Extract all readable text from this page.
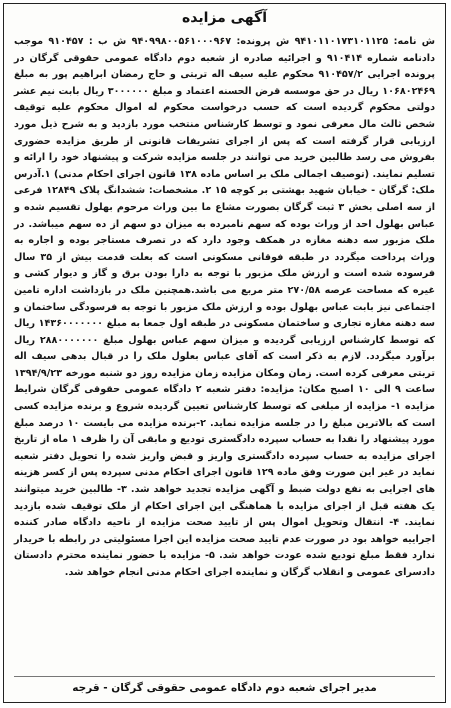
آگهی مزایده

ش نامه: ۹۴۱۰۱۱۰۱۷۳۱۰۱۱۲۵ ش پرونده: ۹۴۰۹۹۸۰۰۵۶۱۰۰۰۹۶۷ ش ب : ۹۱۰۴۵۷ موجب دادنامه شماره ۹۱۰۴۱۴ و اجرائیه صادره از شعبه دوم دادگاه عمومی حقوقی گرگان در پرونده اجرایی ۹۱۰۴۵۷/۲ محکوم علیه سیف اله تربتی و حاج رمضان ابراهیم پور به مبلغ ۱۰۶۸۰۲۴۶۹ ریال در حق موسسه قرض الحسنه اعتماد و مبلغ ۳۰۰۰۰۰۰ ریال بابت نیم عشر دولتی محکوم گردیده است که حسب درخواست محکوم له اموال محکوم علیه توقیف شخص ثالث مال معرفی نمود و توسط کارشناس منتخب مورد بازدید و به شرح ذیل مورد ارزیابی قرار گرفته است که پس از اجرای تشریفات قانونی از طریق مزایده حضوری بفروش می رسد طالبین خرید می توانند در جلسه مزایده شرکت و پیشنهاد خود را ارائه و تسلیم نمایند. (توصیف اجمالی ملک بر اساس ماده ۱۳۸ قانون اجرای احکام مدنی) ۱.آدرس ملک: گرگان - خیابان شهید بهشتی بر کوچه ۱۵ ۲. مشخصات: ششدانگ پلاک ۱۲۸۴۹ فرعی از سه اصلی بخش ۳ ثبت گرگان بصورت مشاع ما بین وراث مرحوم بهلول تقسیم شده و عباس بهلول احد از وراث بوده که سهم نامبرده به میزان دو سهم از ده سهم میباشد. در ملک مزبور سه دهنه مغازه در همکف وجود دارد که در تصرف مستاجر بوده و اجاره به وراث پرداخت میگردد در طبقه فوقانی مسکونی است که بعلت قدمت بیش از ۳۵ سال فرسوده شده است و ارزش ملک مزبور با توجه به دارا بودن برق و گاز و دیوار کشی و غیره که مساحت عرصه ۲۷۰/۵۸ متر مربع می باشد.همچنین ملک در بازداشت اداره تامین اجتماعی نیز بابت عباس بهلول بوده و ارزش ملک مزبور با توجه به فرسودگی ساختمان و سه دهنه مغازه تجاری و ساختمان مسکونی در طبقه اول جمعا به مبلغ ۱۴۳۶۰۰۰۰۰۰۰ ریال که توسط کارشناس ارزیابی گردیده و میزان سهم عباس بهلول مبلغ ۲۸۸۰۰۰۰۰۰۰ ریال برآورد میگردد. لازم به ذکر است که آقای عباس بعلول ملک را در قبال بدهی سیف اله تربتی معرفی کرده است. زمان ومکان مزایده زمان مزایده روز دو شنبه مورخه ۱۳۹۴/۹/۲۳ ساعت ۹ الی ۱۰ اصبح مکان: مزایده: دفتر شعبه ۲ دادگاه عمومی حقوقی گرگان شرایط مزایده ۱- مزایده از مبلغی که توسط کارشناس تعیین گردیده شروع و برنده مزایده کسی است که بالاترین مبلغ را در جلسه مزایده نماید. ۲-برنده مزایده می بایست ۱۰ درصد مبلغ مورد پیشنهاد را نقدا به حساب سپرده دادگستری تودیع و مابقی آن را ظرف ۱ ماه از تاریخ اجرای مزایده به حساب سپرده دادگستری واریز و قبض واریز شده را تحویل دفتر شعبه نماید در غیر این صورت وفق ماده ۱۲۹ قانون اجرای احکام مدنی سپرده پس از کسر هزینه های اجرایی به نفع دولت ضبط و آگهی مزایده تجدید خواهد شد. ۳- طالبین خرید میتوانند یک هفته قبل از اجرای مزایده با هماهنگی این اجرای احکام از ملک توقیف شده بازدید نمایند. ۴- انتقال وتحویل اموال پس از تایید صحت مزایده از ناحیه دادگاه صادر کننده اجراییه خواهد بود در صورت عدم تایید صحت مزایده این اجرا مسئولیتی در رابطه با خریدار ندارد فقط مبلغ تودیع شده عودت خواهد شد. ۵- مزایده با حضور نماینده محترم دادستان دادسرای عمومی و انقلاب گرگان و نماینده اجرای احکام مدنی انجام خواهد شد.

مدیر اجرای شعبه دوم دادگاه عمومی حقوقی گرگان - قرجه
